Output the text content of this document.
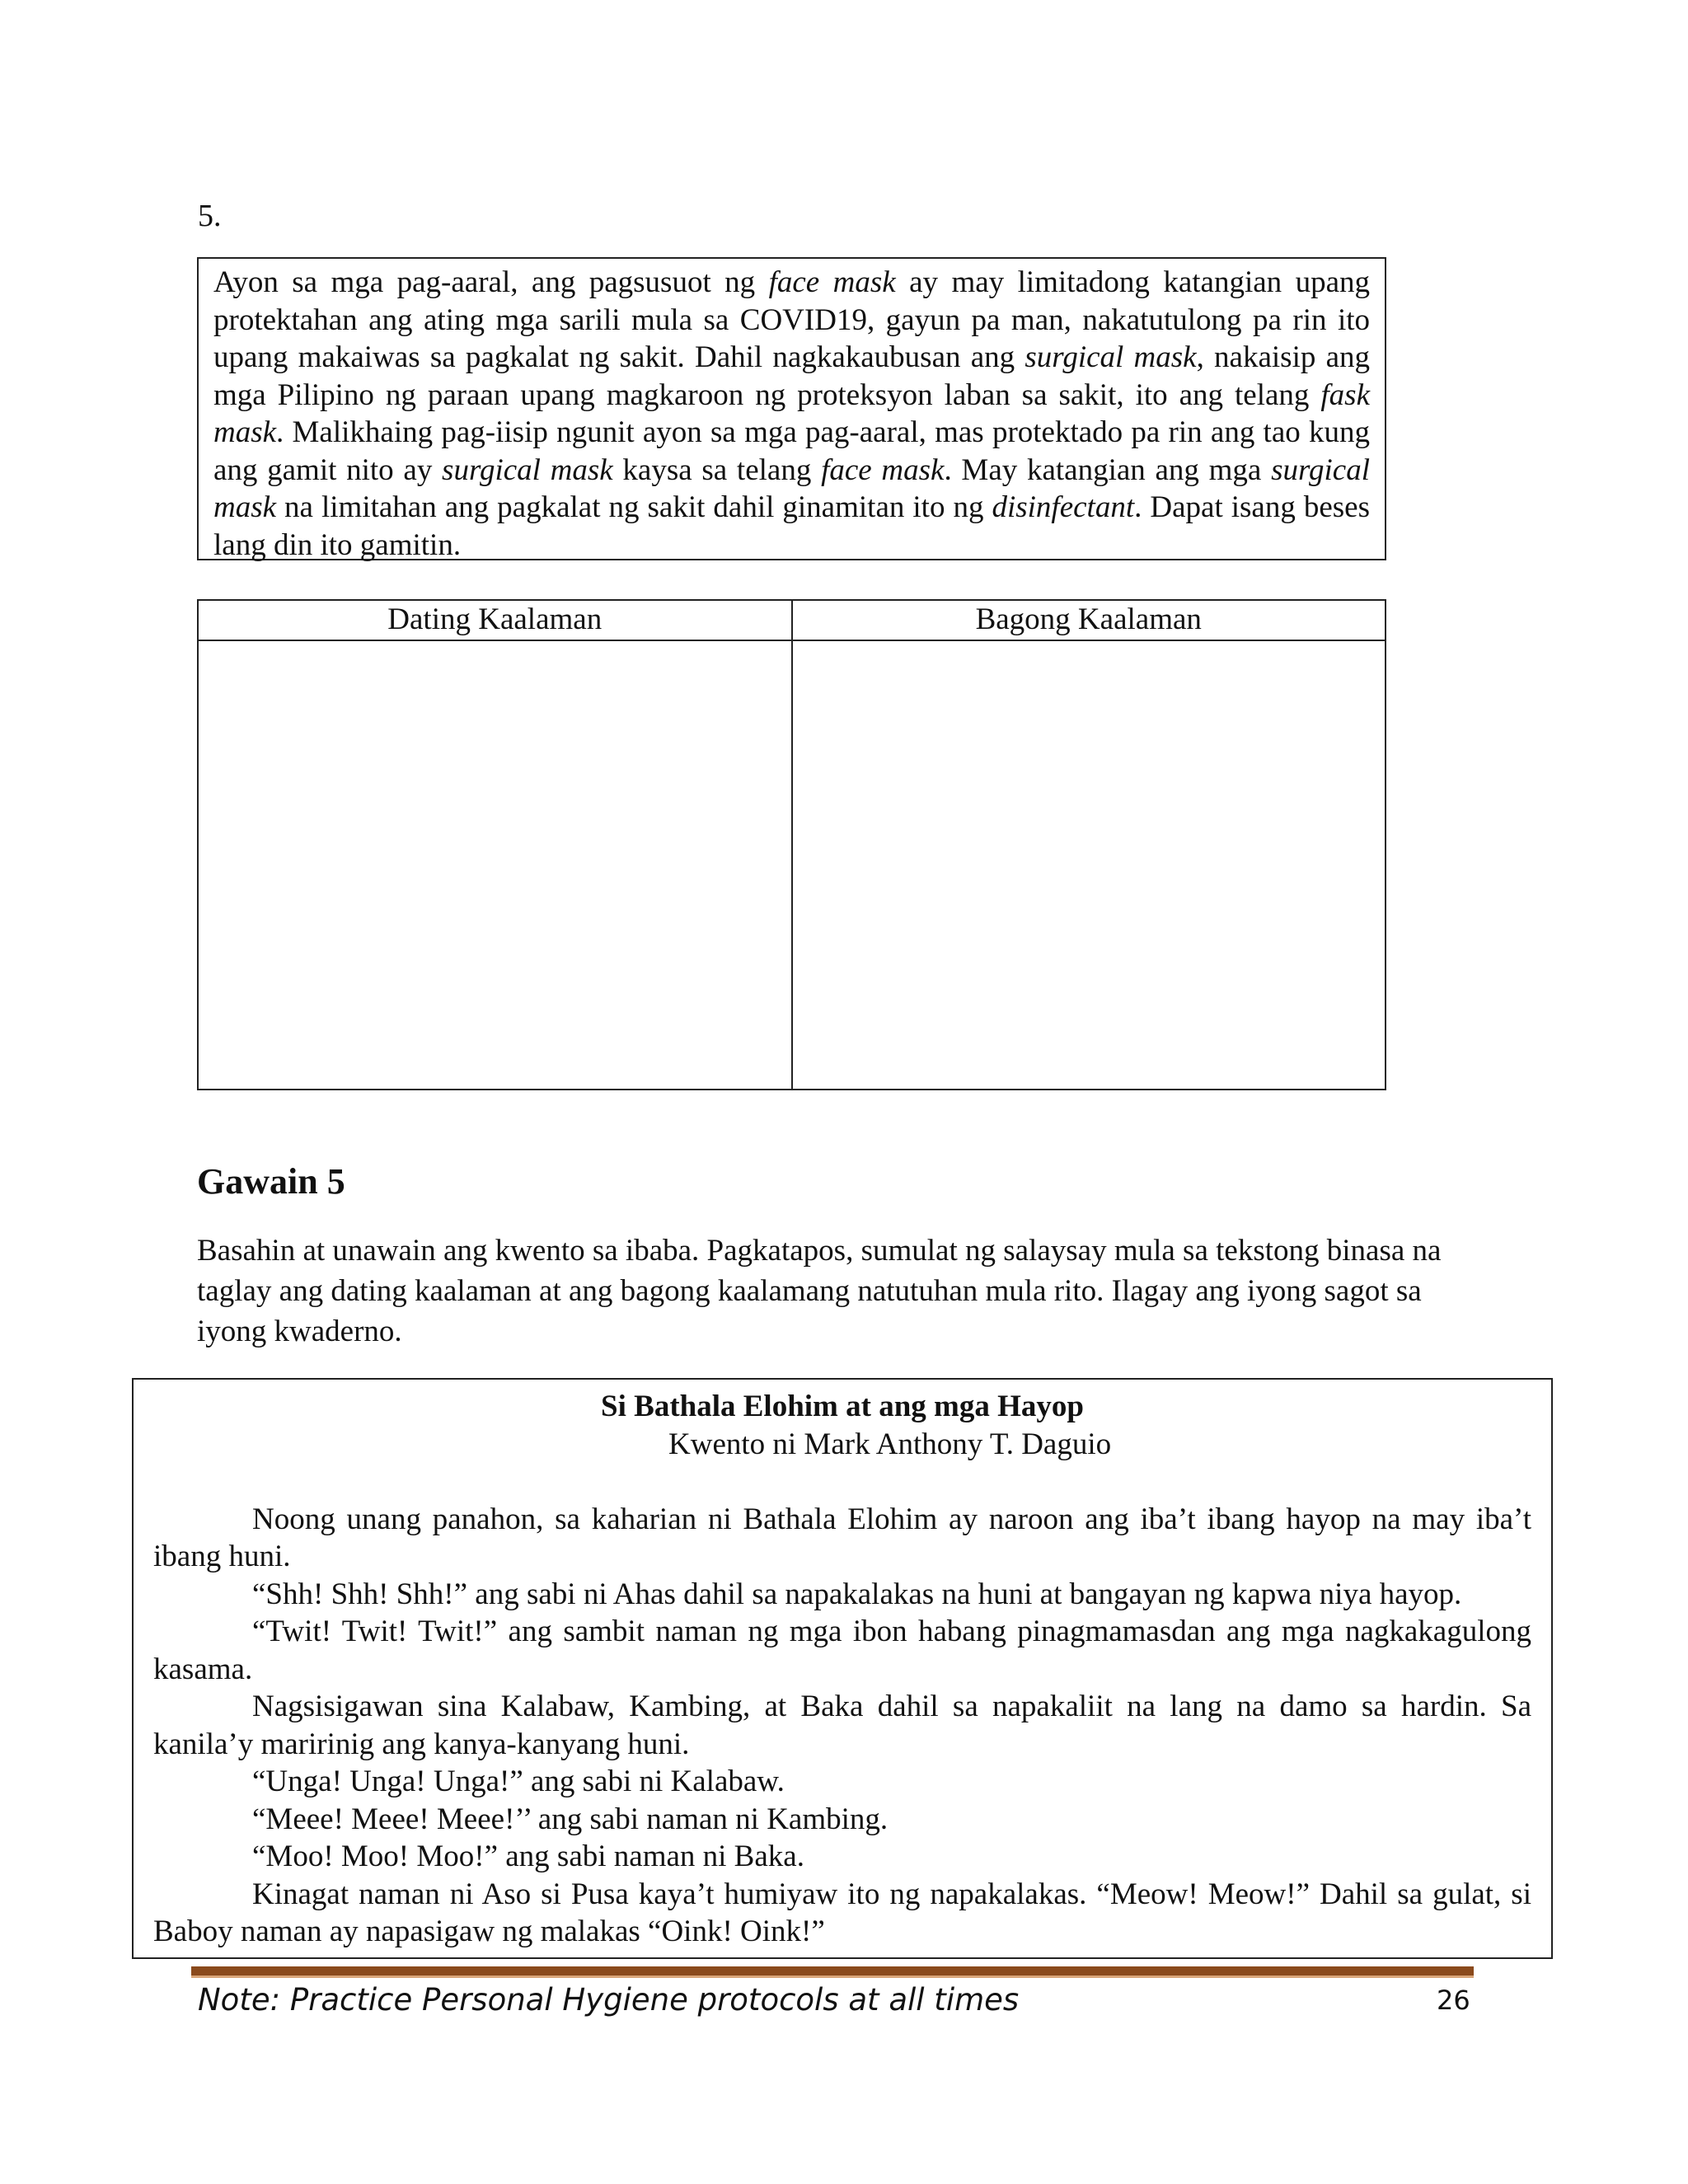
5.
Ayon sa mga pag-aaral, ang pagsusuot ng face mask ay may limitadong katangian upang protektahan ang ating mga sarili mula sa COVID19, gayun pa man, nakatutulong pa rin ito upang makaiwas sa pagkalat ng sakit. Dahil nagkakaubusan ang surgical mask, nakaisip ang mga Pilipino ng paraan upang magkaroon ng proteksyon laban sa sakit, ito ang telang fask mask. Malikhaing pag-iisip ngunit ayon sa mga pag-aaral, mas protektado pa rin ang tao kung ang gamit nito ay surgical mask kaysa sa telang face mask. May katangian ang mga surgical mask na limitahan ang pagkalat ng sakit dahil ginamitan ito ng disinfectant. Dapat isang beses lang din ito gamitin.
Dating Kaalaman	Bagong Kaalaman
Gawain 5
Basahin at unawain ang kwento sa ibaba. Pagkatapos, sumulat ng salaysay mula sa tekstong binasa na taglay ang dating kaalaman at ang bagong kaalamang natutuhan mula rito. Ilagay ang iyong sagot sa iyong kwaderno.
Si Bathala Elohim at ang mga Hayop
Kwento ni Mark Anthony T. Daguio

Noong unang panahon, sa kaharian ni Bathala Elohim ay naroon ang iba’t ibang hayop na may iba’t ibang huni.

“Shh! Shh! Shh!” ang sabi ni Ahas dahil sa napakalakas na huni at bangayan ng kapwa niya hayop.

“Twit! Twit! Twit!” ang sambit naman ng mga ibon habang pinagmamasdan ang mga nagkakagulong kasama.

Nagsisigawan sina Kalabaw, Kambing, at Baka dahil sa napakaliit na lang na damo sa hardin. Sa kanila’y maririnig ang kanya-kanyang huni.

“Unga! Unga! Unga!” ang sabi ni Kalabaw.

“Meee! Meee! Meee!’’ ang sabi naman ni Kambing.

“Moo! Moo! Moo!” ang sabi naman ni Baka.

Kinagat naman ni Aso si Pusa kaya’t humiyaw ito ng napakalakas. “Meow! Meow!” Dahil sa gulat, si Baboy naman ay napasigaw ng malakas “Oink! Oink!”

Note: Practice Personal Hygiene protocols at all times	26
